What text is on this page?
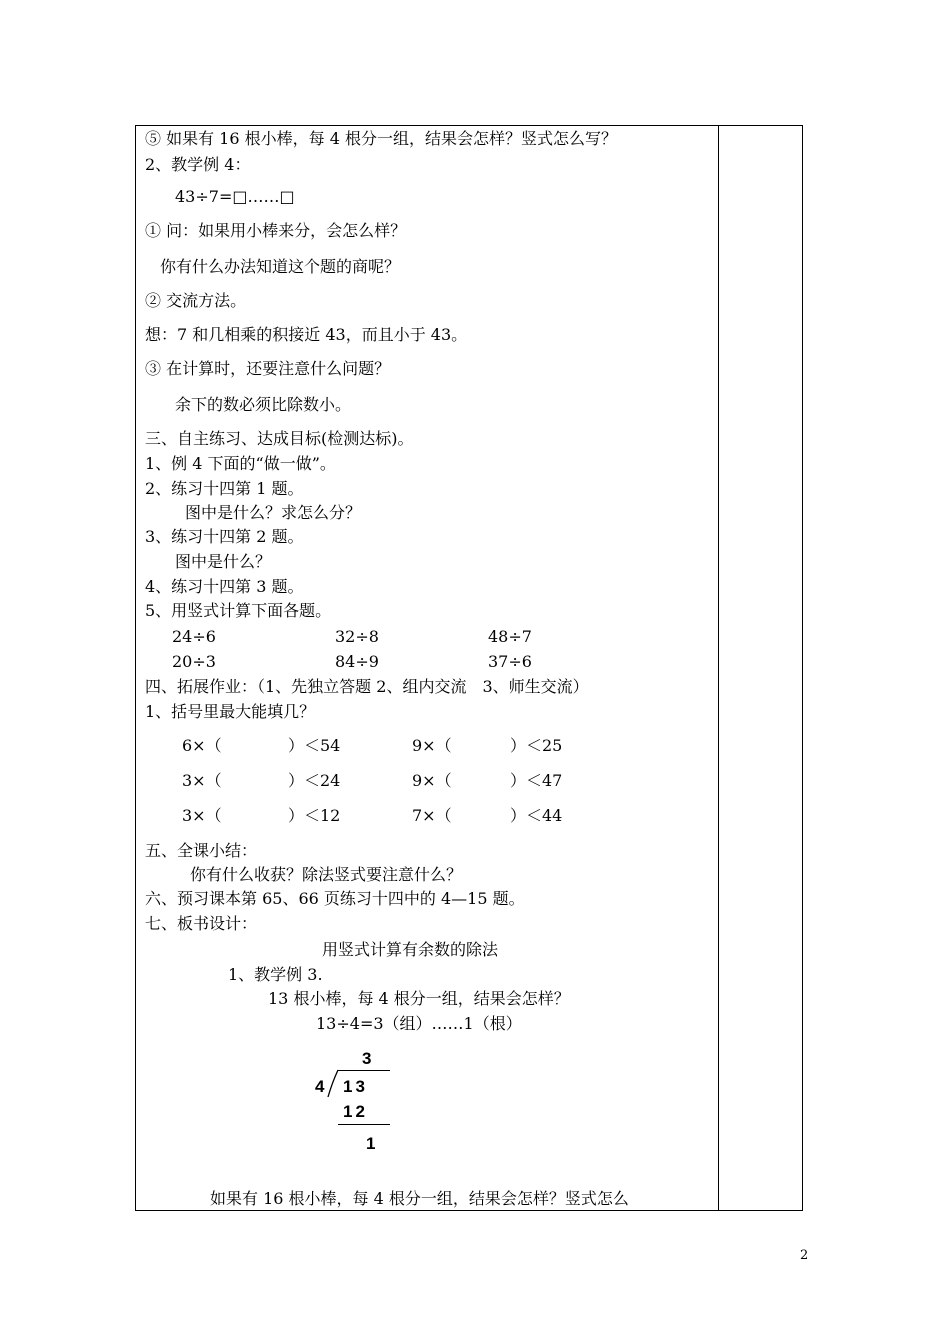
⑤ 如果有 16 根小棒，每 4 根分一组，结果会怎样？竖式怎么写？
2、教学例 4：
43÷7=□……□
① 问：如果用小棒来分，会怎么样？
你有什么办法知道这个题的商呢？
② 交流方法。
想：7 和几相乘的积接近 43，而且小于 43。
③ 在计算时，还要注意什么问题？
余下的数必须比除数小。
三、自主练习、达成目标(检测达标)。
1、例 4 下面的“做一做”。
2、练习十四第 1 题。
图中是什么？求怎么分？
3、练习十四第 2 题。
图中是什么？
4、练习十四第 3 题。
5、用竖式计算下面各题。
24÷6	32÷8	48÷7
20÷3	84÷9	37÷6
四、拓展作业：（1、先独立答题 2、组内交流　3、师生交流）
1、括号里最大能填几？
6×（	）＜54	9×（	）＜25
3×（	）＜24	9×（	）＜47
3×（	）＜12	7×（	）＜44
五、全课小结：
你有什么收获？除法竖式要注意什么？
六、预习课本第 65、66 页练习十四中的 4—15 题。
七、板书设计：
用竖式计算有余数的除法
1、教学例 3.
13 根小棒，每 4 根分一组，结果会怎样？
13÷4=3（组）……1（根）
3
4 13
12
1
如果有 16 根小棒，每 4 根分一组，结果会怎样？竖式怎么
2
